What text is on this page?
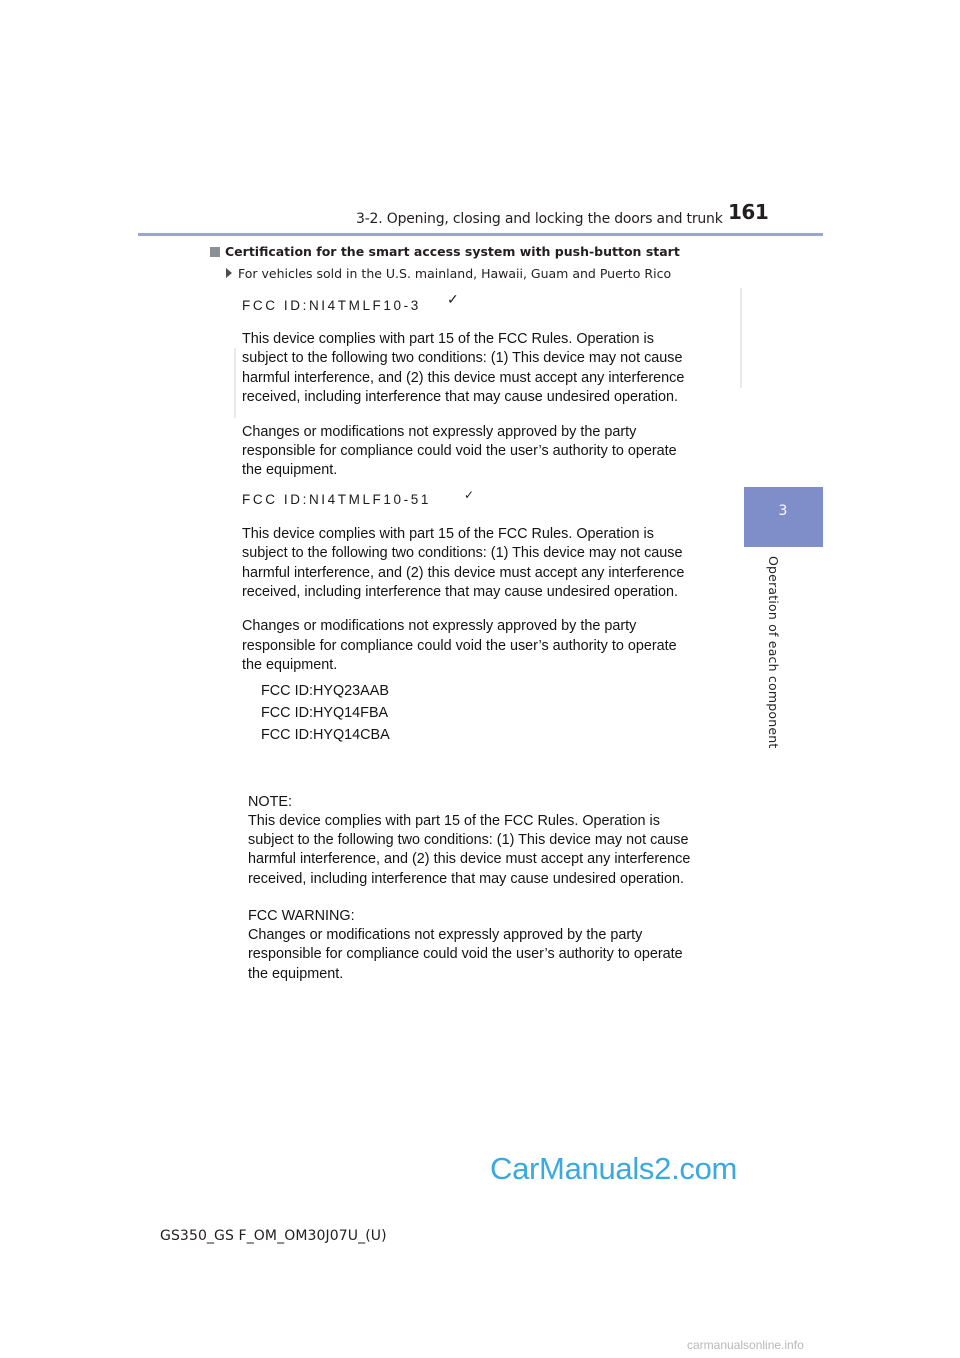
3-2. Opening, closing and locking the doors and trunk 161
3
Operation of each component
Certification for the smart access system with push-button start
For vehicles sold in the U.S. mainland, Hawaii, Guam and Puerto Rico
FCC ID:NI4TMLF10-3 ✓
This device complies with part 15 of the FCC Rules. Operation is
subject to the following two conditions: (1) This device may not cause
harmful interference, and (2) this device must accept any interference
received, including interference that may cause undesired operation.
Changes or modifications not expressly approved by the party
responsible for compliance could void the user’s authority to operate
the equipment.
FCC ID:NI4TMLF10-51	✓
This device complies with part 15 of the FCC Rules. Operation is
subject to the following two conditions: (1) This device may not cause
harmful interference, and (2) this device must accept any interference
received, including interference that may cause undesired operation.
Changes or modifications not expressly approved by the party
responsible for compliance could void the user’s authority to operate
the equipment.
FCC ID:HYQ23AAB
FCC ID:HYQ14FBA
FCC ID:HYQ14CBA
NOTE:
This device complies with part 15 of the FCC Rules. Operation is
subject to the following two conditions: (1) This device may not cause
harmful interference, and (2) this device must accept any interference
received, including interference that may cause undesired operation.
FCC WARNING:
Changes or modifications not expressly approved by the party
responsible for compliance could void the user’s authority to operate
the equipment.
CarManuals2.com
GS350_GS F_OM_OM30J07U_(U)
carmanualsonline.info
